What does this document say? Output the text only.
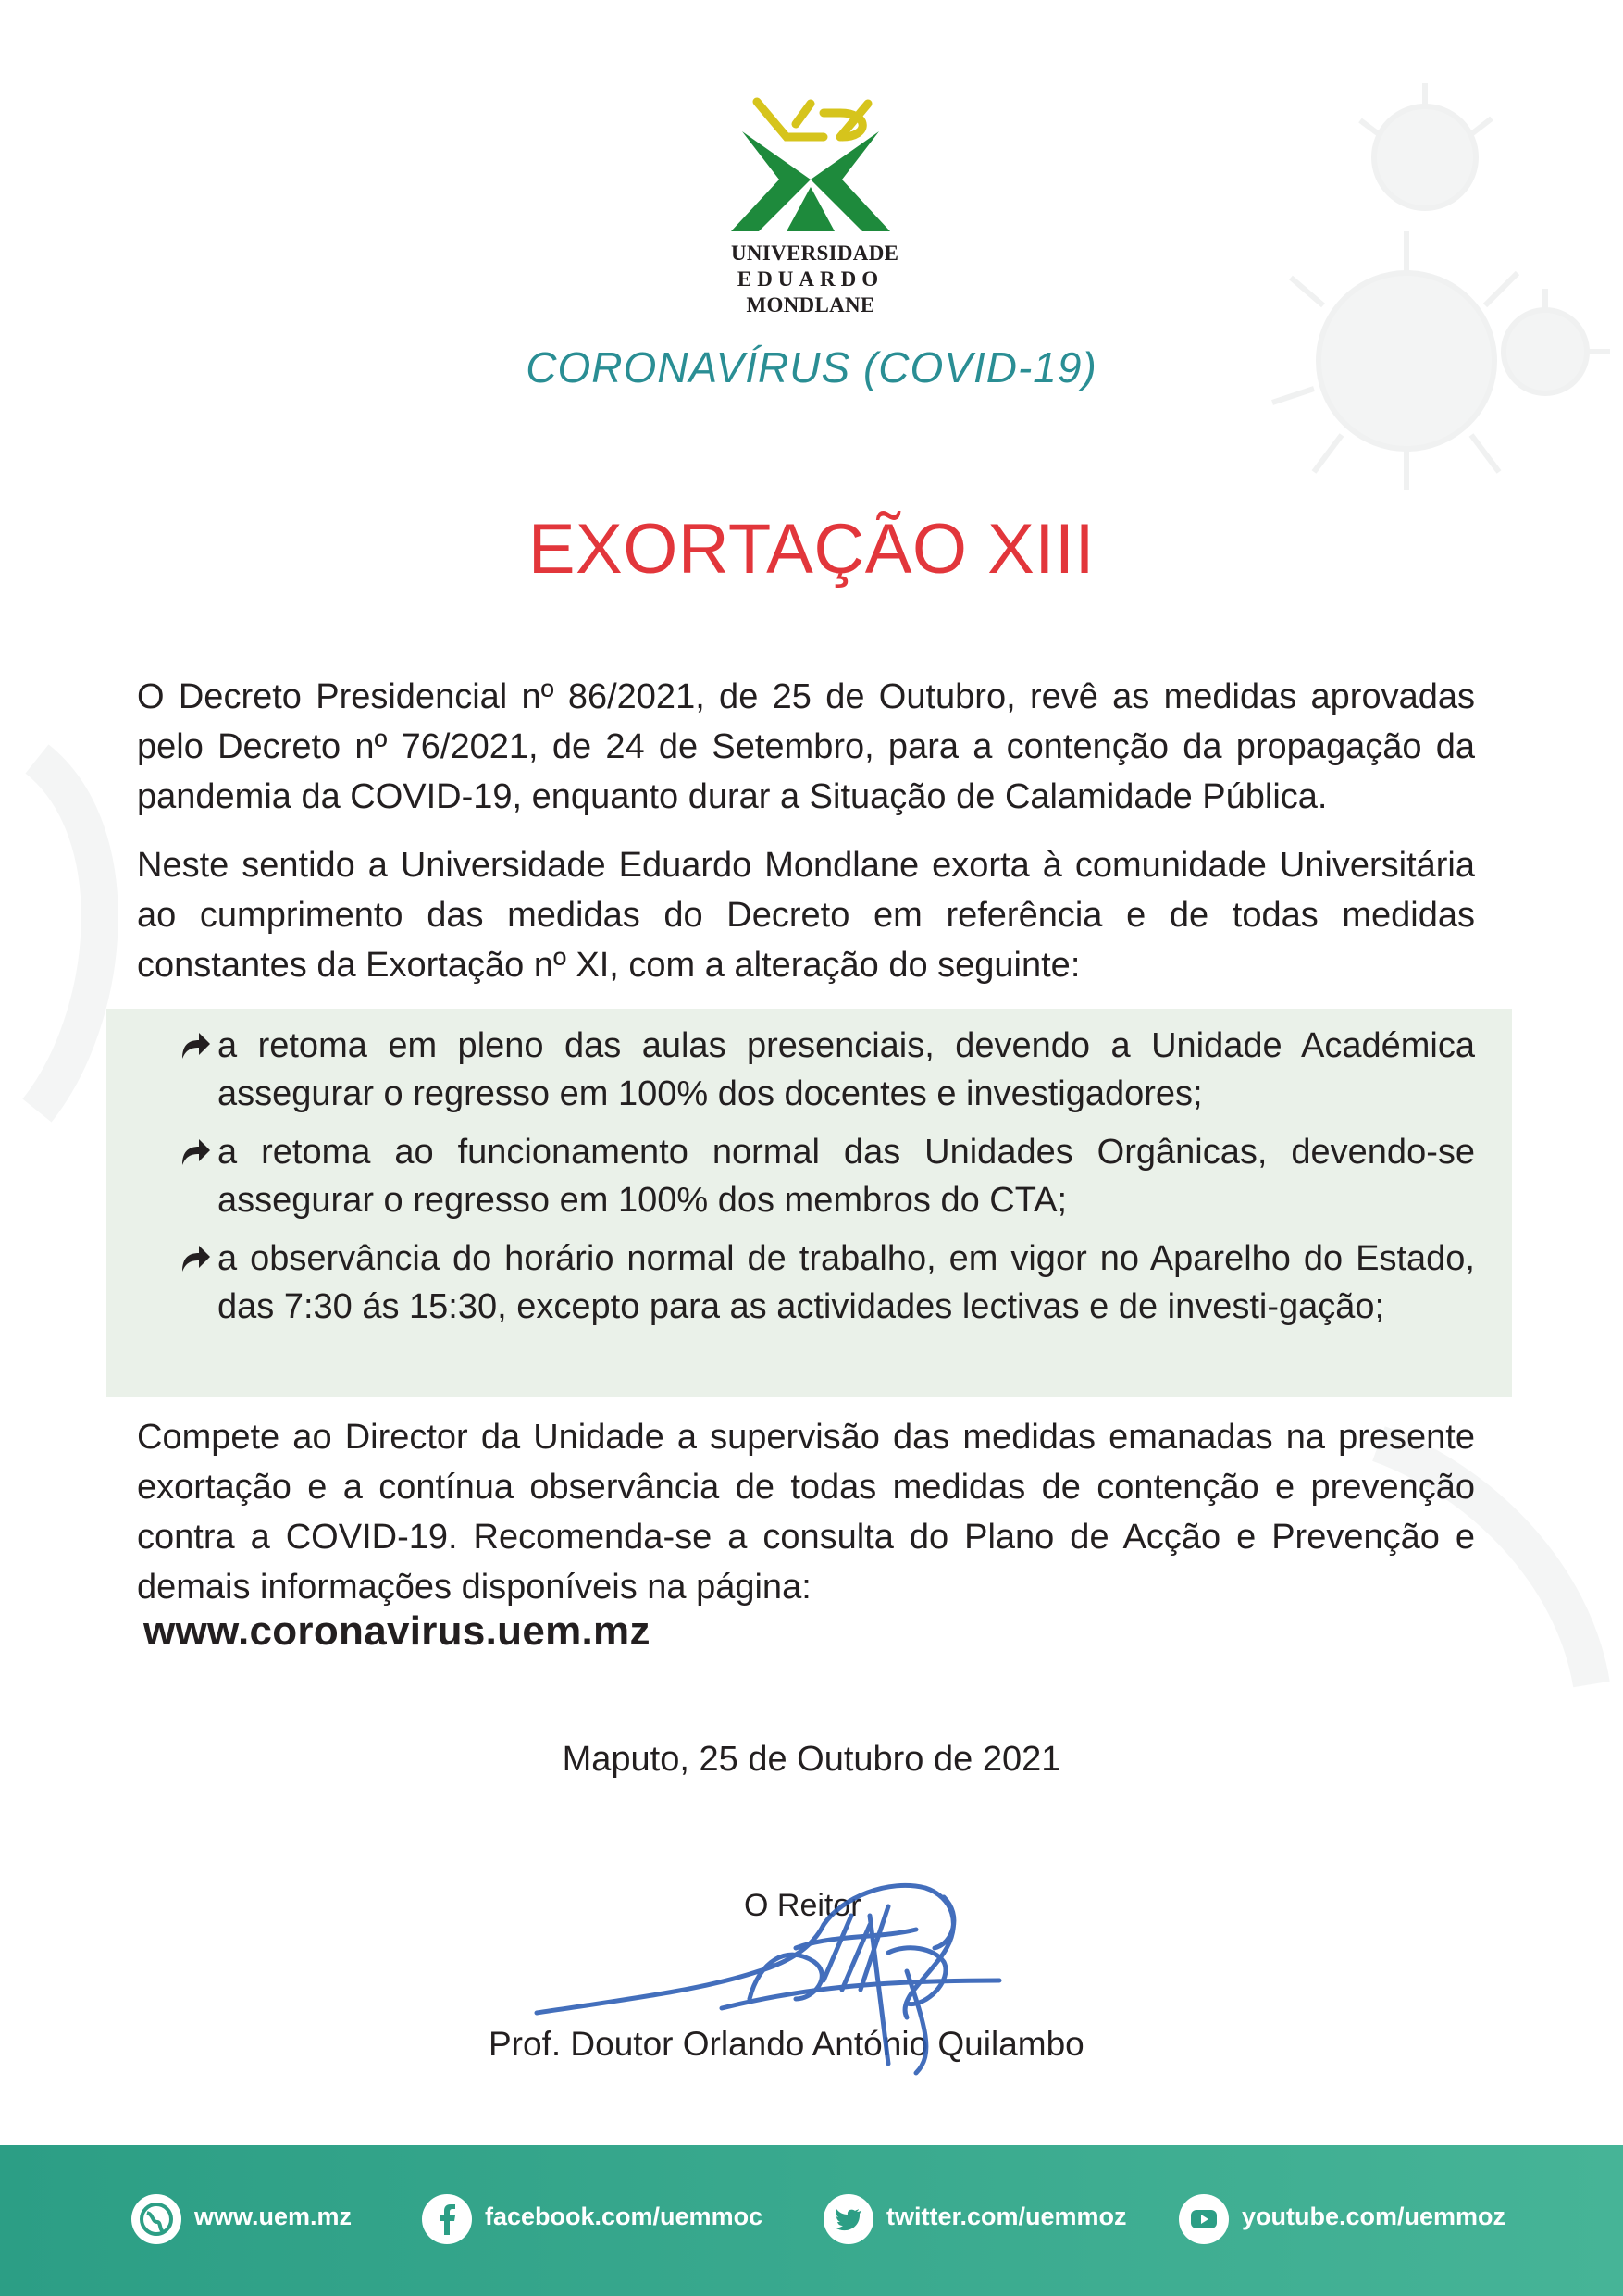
UNIVERSIDADE
EDUARDO
MONDLANE
CORONAVÍRUS (COVID-19)
EXORTAÇÃO XIII
O Decreto Presidencial nº 86/2021, de 25 de Outubro, revê as medidas aprovadas pelo Decreto nº 76/2021, de 24 de Setembro, para a contenção da propagação da pandemia da COVID-19, enquanto durar a Situação de Calamidade Pública.
Neste sentido a Universidade Eduardo Mondlane exorta à comunidade Universitária ao cumprimento das medidas do Decreto em referência e de todas medidas constantes da Exortação nº XI, com a alteração do seguinte:
a retoma em pleno das aulas presenciais, devendo a Unidade Académica assegurar o regresso em 100% dos docentes e investigadores;
a retoma ao funcionamento normal das Unidades Orgânicas, devendo-se assegurar o regresso em 100% dos membros do CTA;
a observância do horário normal de trabalho, em vigor no Aparelho do Estado, das 7:30 ás 15:30, excepto para as actividades lectivas e de investi-gação;
Compete ao Director da Unidade a supervisão das medidas emanadas na presente exortação e a contínua observância de todas medidas de contenção e prevenção contra a COVID-19. Recomenda-se a consulta do Plano de Acção e Prevenção e demais informações disponíveis na página:
www.coronavirus.uem.mz
Maputo, 25 de Outubro de 2021
O Reitor
Prof. Doutor Orlando António Quilambo
www.uem.mz	facebook.com/uemmoc	twitter.com/uemmoz	youtube.com/uemmoz
